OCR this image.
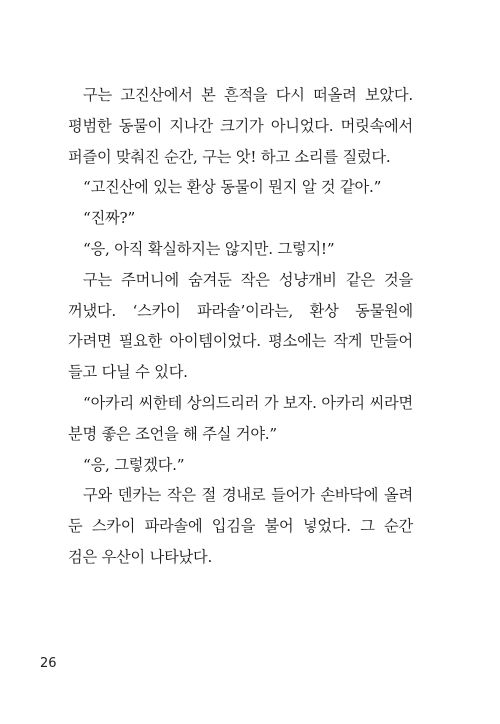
구는 고진산에서 본 흔적을 다시 떠올려 보았다. 평범한 동물이 지나간 크기가 아니었다. 머릿속에서 퍼즐이 맞춰진 순간, 구는 앗! 하고 소리를 질렀다.

“고진산에 있는 환상 동물이 뭔지 알 것 같아.”

“진짜?”

“응, 아직 확실하지는 않지만. 그렇지!”

구는 주머니에 숨겨둔 작은 성냥개비 같은 것을 꺼냈다. ‘스카이 파라솔’이라는, 환상 동물원에 가려면 필요한 아이템이었다. 평소에는 작게 만들어 들고 다닐 수 있다.

“아카리 씨한테 상의드리러 가 보자. 아카리 씨라면 분명 좋은 조언을 해 주실 거야.”

“응, 그렇겠다.”

구와 덴카는 작은 절 경내로 들어가 손바닥에 올려 둔 스카이 파라솔에 입김을 불어 넣었다. 그 순간 검은 우산이 나타났다.

26
